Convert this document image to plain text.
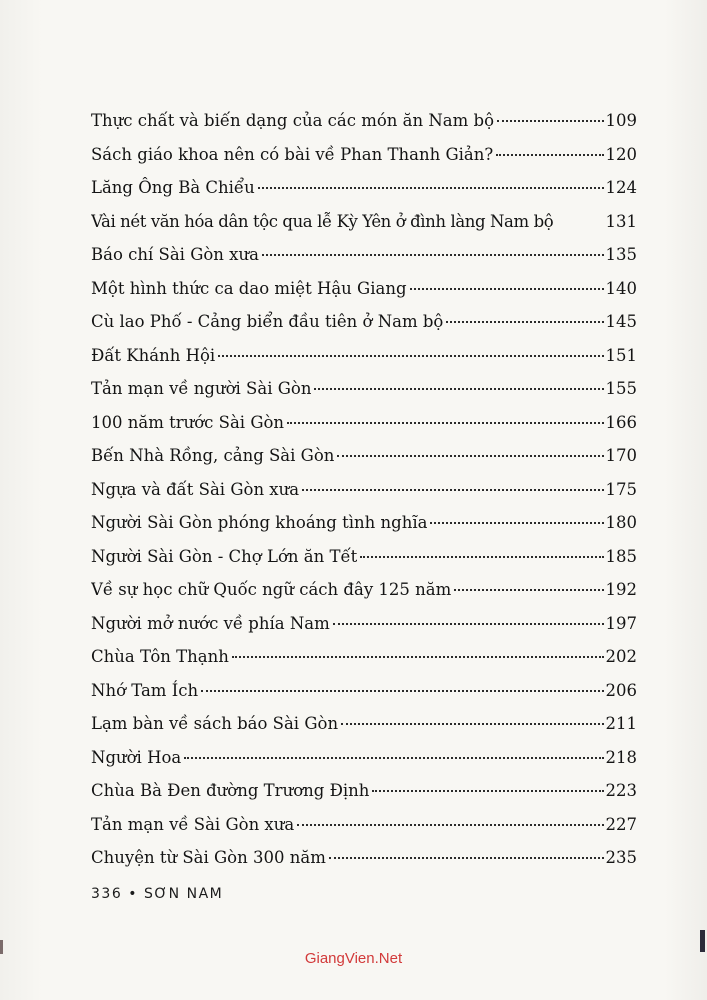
Thực chất và biến dạng của các món ăn Nam bộ	109
Sách giáo khoa nên có bài về Phan Thanh Giản?	120
Lăng Ông Bà Chiểu	124
Vài nét văn hóa dân tộc qua lễ Kỳ Yên ở đình làng Nam bộ	131
Báo chí Sài Gòn xưa	135
Một hình thức ca dao miệt Hậu Giang	140
Cù lao Phố - Cảng biển đầu tiên ở Nam bộ	145
Đất Khánh Hội	151
Tản mạn về người Sài Gòn	155
100 năm trước Sài Gòn	166
Bến Nhà Rồng, cảng Sài Gòn	170
Ngựa và đất Sài Gòn xưa	175
Người Sài Gòn phóng khoáng tình nghĩa	180
Người Sài Gòn - Chợ Lớn ăn Tết	185
Về sự học chữ Quốc ngữ cách đây 125 năm	192
Người mở nước về phía Nam	197
Chùa Tôn Thạnh	202
Nhớ Tam Ích	206
Lạm bàn về sách báo Sài Gòn	211
Người Hoa	218
Chùa Bà Đen đường Trương Định	223
Tản mạn về Sài Gòn xưa	227
Chuyện từ Sài Gòn 300 năm	235
336 • SƠN NAM
GiangVien.Net
